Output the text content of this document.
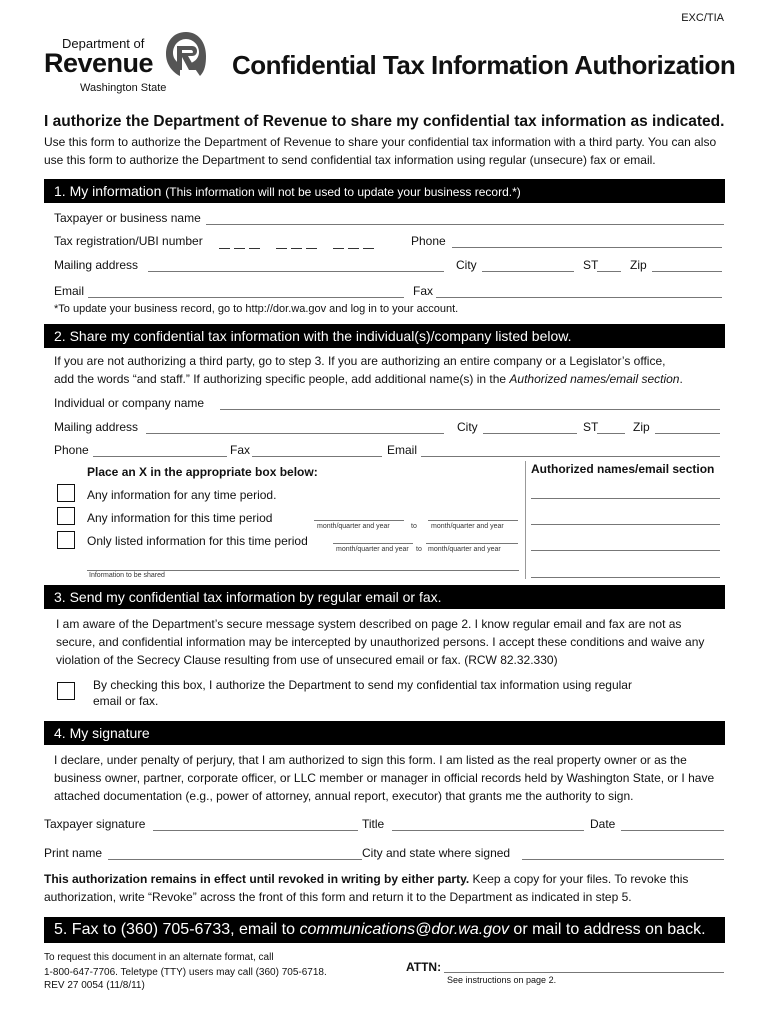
EXC/TIA
Department of
Revenue
Washington State
Confidential Tax Information Authorization
I authorize the Department of Revenue to share my confidential tax information as indicated.
Use this form to authorize the Department of Revenue to share your confidential tax information with a third party. You can also use this form to authorize the Department to send confidential tax information using regular (unsecure) fax or email.
1. My information (This information will not be used to update your business record.*)
Taxpayer or business name
Tax registration/UBI number	Phone
Mailing address	City	ST	Zip
Email	Fax
*To update your business record, go to http://dor.wa.gov and log in to your account.
2. Share my confidential tax information with the individual(s)/company listed below.
If you are not authorizing a third party, go to step 3. If you are authorizing an entire company or a Legislator’s office,
add the words “and staff.” If authorizing specific people, add additional name(s) in the Authorized names/email section.
Individual or company name
Mailing address	City	ST	Zip
Phone	Fax	Email
Place an X in the appropriate box below:	Authorized names/email section
Any information for any time period.
Any information for this time period
month/quarter and year	to month/quarter and year
Only listed information for this time period
month/quarter and year to month/quarter and year
Information to be shared
3. Send my confidential tax information by regular email or fax.
I am aware of the Department’s secure message system described on page 2. I know regular email and fax are not as secure, and confidential information may be intercepted by unauthorized persons. I accept these conditions and waive any violation of the Secrecy Clause resulting from use of unsecured email or fax. (RCW 82.32.330)
By checking this box, I authorize the Department to send my confidential tax information using regular email or fax.
4. My signature
I declare, under penalty of perjury, that I am authorized to sign this form. I am listed as the real property owner or as the business owner, partner, corporate officer, or LLC member or manager in official records held by Washington State, or I have attached documentation (e.g., power of attorney, annual report, executor) that grants me the authority to sign.
Taxpayer signature	Title	Date
Print name	City and state where signed
This authorization remains in effect until revoked in writing by either party. Keep a copy for your files. To revoke this authorization, write “Revoke” across the front of this form and return it to the Department as indicated in step 5.
5. Fax to (360) 705-6733, email to communications@dor.wa.gov or mail to address on back.
To request this document in an alternate format, call
1-800-647-7706. Teletype (TTY) users may call (360) 705-6718.
REV 27 0054 (11/8/11)
ATTN:
See instructions on page 2.
